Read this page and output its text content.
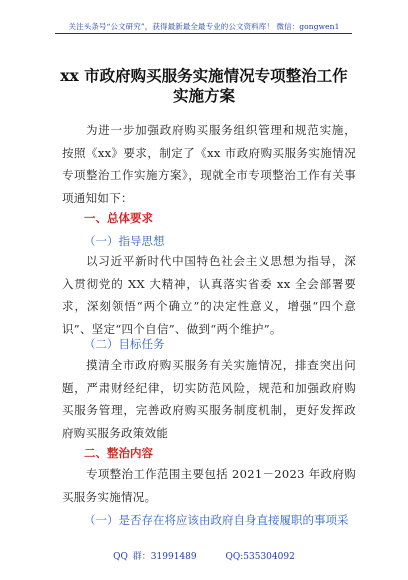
关注头条号“公文研究”，获得最新最全最专业的公文资料库！ 微信：gongwen1
xx 市政府购买服务实施情况专项整治工作
实施方案
为进一步加强政府购买服务组织管理和规范实施，按照《xx》要求，制定了《xx 市政府购买服务实施情况专项整治工作实施方案》，现就全市专项整治工作有关事项通知如下：
一、总体要求
（一）指导思想
以习近平新时代中国特色社会主义思想为指导，深入贯彻党的 XX 大精神，认真落实省委 xx 全会部署要求，深刻领悟“两个确立”的决定性意义，增强“四个意识”、坚定“四个自信”、做到“两个维护”。
（二）目标任务
摸清全市政府购买服务有关实施情况，排查突出问题，严肃财经纪律，切实防范风险，规范和加强政府购买服务管理，完善政府购买服务制度机制，更好发挥政府购买服务政策效能
二、整治内容
专项整治工作范围主要包括 2021－2023 年政府购买服务实施情况。
（一）是否存在将应该由政府自身直接履职的事项采
QQ 群：31991489	QQ:535304092
